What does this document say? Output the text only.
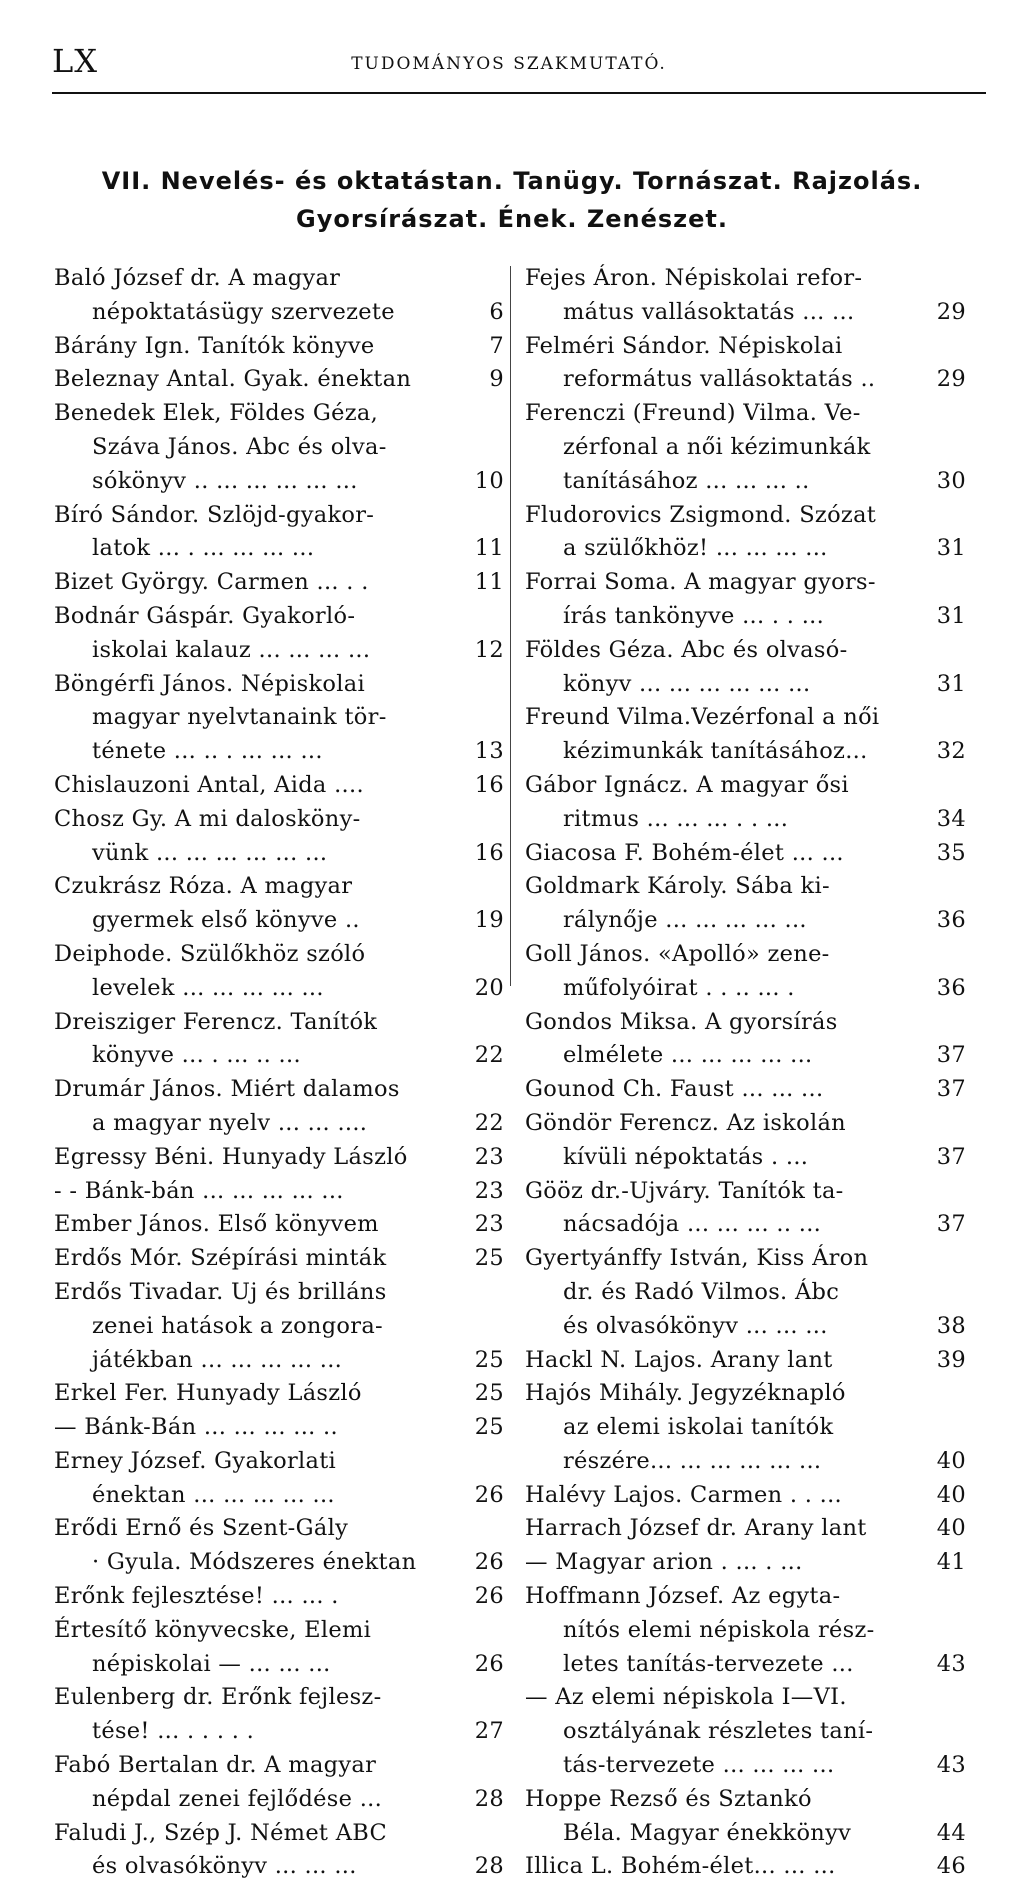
LX	TUDOMÁNYOS SZAKMUTATÓ.
VII. Nevelés- és oktatástan. Tanügy. Tornászat. Rajzolás.
Gyorsírászat. Ének. Zenészet.
Baló József dr. A magyar
népoktatásügy szervezete	6
Bárány Ign. Tanítók könyve	7
Beleznay Antal. Gyak. énektan	9
Benedek Elek, Földes Géza,
Száva János. Abc és olva-
sókönyv .. ... ... ... ... ...	10
Bíró Sándor. Szlöjd-gyakor-
latok ... . ... ... ... ...	11
Bizet György. Carmen ... . .	11
Bodnár Gáspár. Gyakorló-
iskolai kalauz ... ... ... ...	12
Böngérfi János. Népiskolai
magyar nyelvtanaink tör-
ténete ... .. . ... ... ...	13
Chislauzoni Antal, Aida ....	16
Chosz Gy. A mi dalosköny-
vünk ... ... ... ... ... ...	16
Czukrász Róza. A magyar
gyermek első könyve ..	19
Deiphode. Szülőkhöz szóló
levelek ... ... ... ... ...	20
Dreisziger Ferencz. Tanítók
könyve ... . ... .. ...	22
Drumár János. Miért dalamos
a magyar nyelv ... ... ....	22
Egressy Béni. Hunyady László	23
- - Bánk-bán ... ... ... ... ...	23
Ember János. Első könyvem	23
Erdős Mór. Szépírási minták	25
Erdős Tivadar. Uj és brilláns
zenei hatások a zongora-
játékban ... ... ... ... ...	25
Erkel Fer. Hunyady László	25
— Bánk-Bán ... ... ... ... ..	25
Erney József. Gyakorlati
énektan ... ... ... ... ...	26
Erődi Ernő és Szent-Gály
· Gyula. Módszeres énektan	26
Erőnk fejlesztése! ... ... .	26
Értesítő könyvecske, Elemi
népiskolai — ... ... ...	26
Eulenberg dr. Erőnk fejlesz-
tése! ... . . . . .	27
Fabó Bertalan dr. A magyar
népdal zenei fejlődése ...	28
Faludi J., Szép J. Német ABC
és olvasókönyv ... ... ...	28
Fejes Áron. Népiskolai refor-
mátus vallásoktatás ... ...	29
Felméri Sándor. Népiskolai
református vallásoktatás ..	29
Ferenczi (Freund) Vilma. Ve-
zérfonal a női kézimunkák
tanításához ... ... ... ..	30
Fludorovics Zsigmond. Szózat
a szülőkhöz! ... ... ... ...	31
Forrai Soma. A magyar gyors-
írás tankönyve ... . . ...	31
Földes Géza. Abc és olvasó-
könyv ... ... ... ... ... ...	31
Freund Vilma.Vezérfonal a női
kézimunkák tanításához...	32
Gábor Ignácz. A magyar ősi
ritmus ... ... ... . . ...	34
Giacosa F. Bohém-élet ... ...	35
Goldmark Károly. Sába ki-
rálynője ... ... ... ... ...	36
Goll János. «Apolló» zene-
műfolyóirat . . .. ... .	36
Gondos Miksa. A gyorsírás
elmélete ... ... ... ... ...	37
Gounod Ch. Faust ... ... ...	37
Göndör Ferencz. Az iskolán
kívüli népoktatás . ...	37
Gööz dr.-Ujváry. Tanítók ta-
nácsadója ... ... ... .. ...	37
Gyertyánffy István, Kiss Áron
dr. és Radó Vilmos. Ábc
és olvasókönyv ... ... ...	38
Hackl N. Lajos. Arany lant	39
Hajós Mihály. Jegyzéknapló
az elemi iskolai tanítók
részére... ... ... ... ... ...	40
Halévy Lajos. Carmen . . ...	40
Harrach József dr. Arany lant	40
— Magyar arion . ... . ...	41
Hoffmann József. Az egyta-
nítós elemi népiskola rész-
letes tanítás-tervezete ...	43
— Az elemi népiskola I—VI.
osztályának részletes taní-
tás-tervezete ... ... ... ...	43
Hoppe Rezső és Sztankó
Béla. Magyar énekkönyv	44
Illica L. Bohém-élet... ... ...	46
